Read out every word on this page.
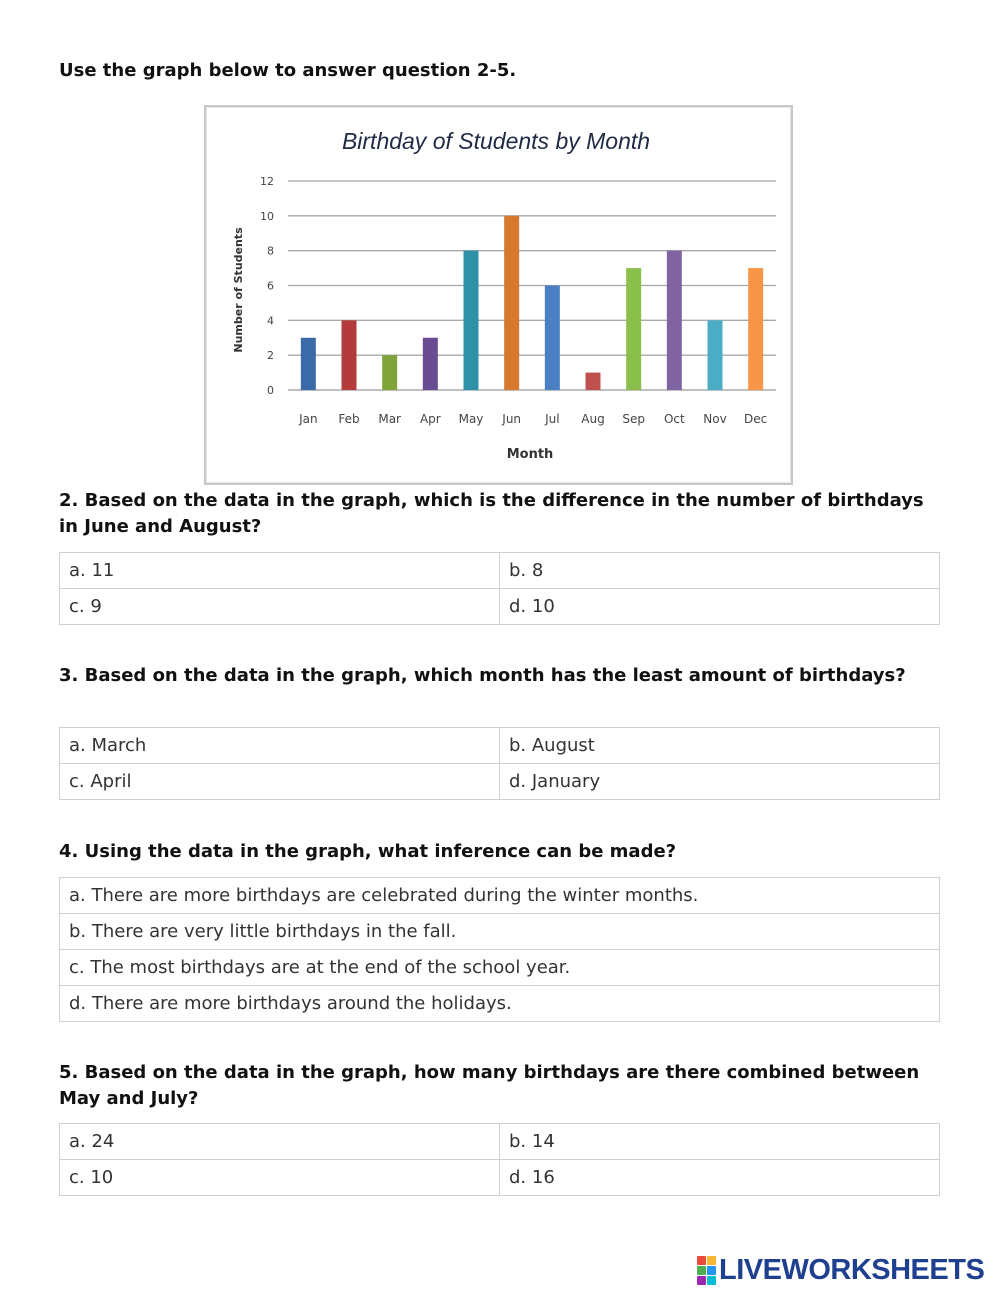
Use the graph below to answer question 2-5.
Birthday of Students by Month
0
2
4
6
8
10
12
Jan Feb Mar Apr May Jun Jul Aug Sep Oct Nov Dec
Number of Students
Month
2. Based on the data in the graph, which is the difference in the number of birthdays in June and August?
a. 11	b. 8
c. 9	d. 10
3. Based on the data in the graph, which month has the least amount of birthdays?
a. March	b. August
c. April	d. January
4. Using the data in the graph, what inference can be made?
a. There are more birthdays are celebrated during the winter months.
b. There are very little birthdays in the fall.
c. The most birthdays are at the end of the school year.
d. There are more birthdays around the holidays.
5. Based on the data in the graph, how many birthdays are there combined between May and July?
a. 24	b. 14
c. 10	d. 16
LIVEWORKSHEETS
